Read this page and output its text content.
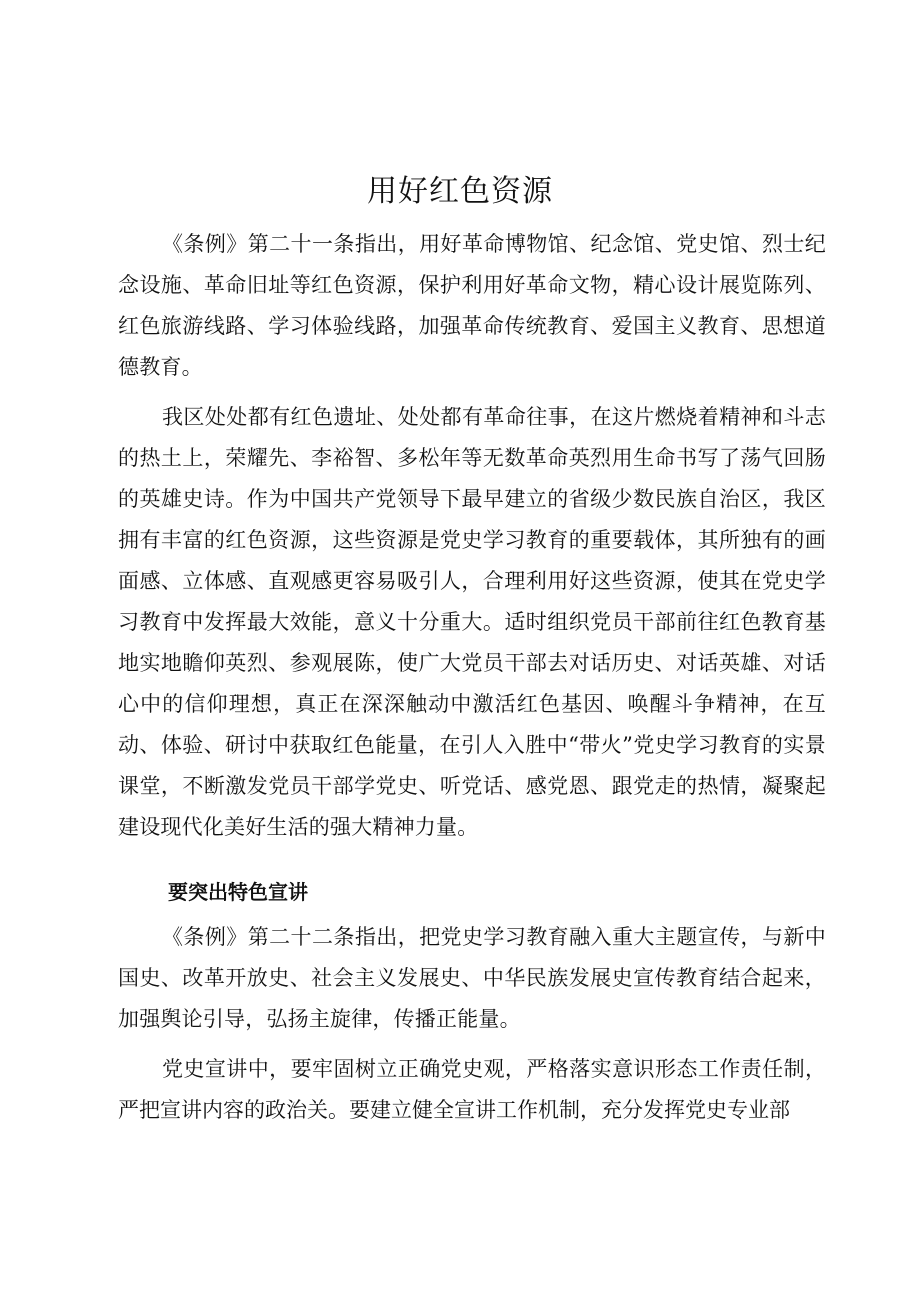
用好红色资源

《条例》第二十一条指出，用好革命博物馆、纪念馆、党史馆、烈士纪念设施、革命旧址等红色资源，保护利用好革命文物，精心设计展览陈列、红色旅游线路、学习体验线路，加强革命传统教育、爱国主义教育、思想道德教育。

我区处处都有红色遗址、处处都有革命往事，在这片燃烧着精神和斗志的热土上，荣耀先、李裕智、多松年等无数革命英烈用生命书写了荡气回肠的英雄史诗。作为中国共产党领导下最早建立的省级少数民族自治区，我区拥有丰富的红色资源，这些资源是党史学习教育的重要载体，其所独有的画面感、立体感、直观感更容易吸引人，合理利用好这些资源，使其在党史学习教育中发挥最大效能，意义十分重大。适时组织党员干部前往红色教育基地实地瞻仰英烈、参观展陈，使广大党员干部去对话历史、对话英雄、对话心中的信仰理想，真正在深深触动中激活红色基因、唤醒斗争精神，在互动、体验、研讨中获取红色能量，在引人入胜中“带火”党史学习教育的实景课堂，不断激发党员干部学党史、听党话、感党恩、跟党走的热情，凝聚起建设现代化美好生活的强大精神力量。

要突出特色宣讲

《条例》第二十二条指出，把党史学习教育融入重大主题宣传，与新中国史、改革开放史、社会主义发展史、中华民族发展史宣传教育结合起来，加强舆论引导，弘扬主旋律，传播正能量。

党史宣讲中，要牢固树立正确党史观，严格落实意识形态工作责任制，严把宣讲内容的政治关。要建立健全宣讲工作机制，充分发挥党史专业部
